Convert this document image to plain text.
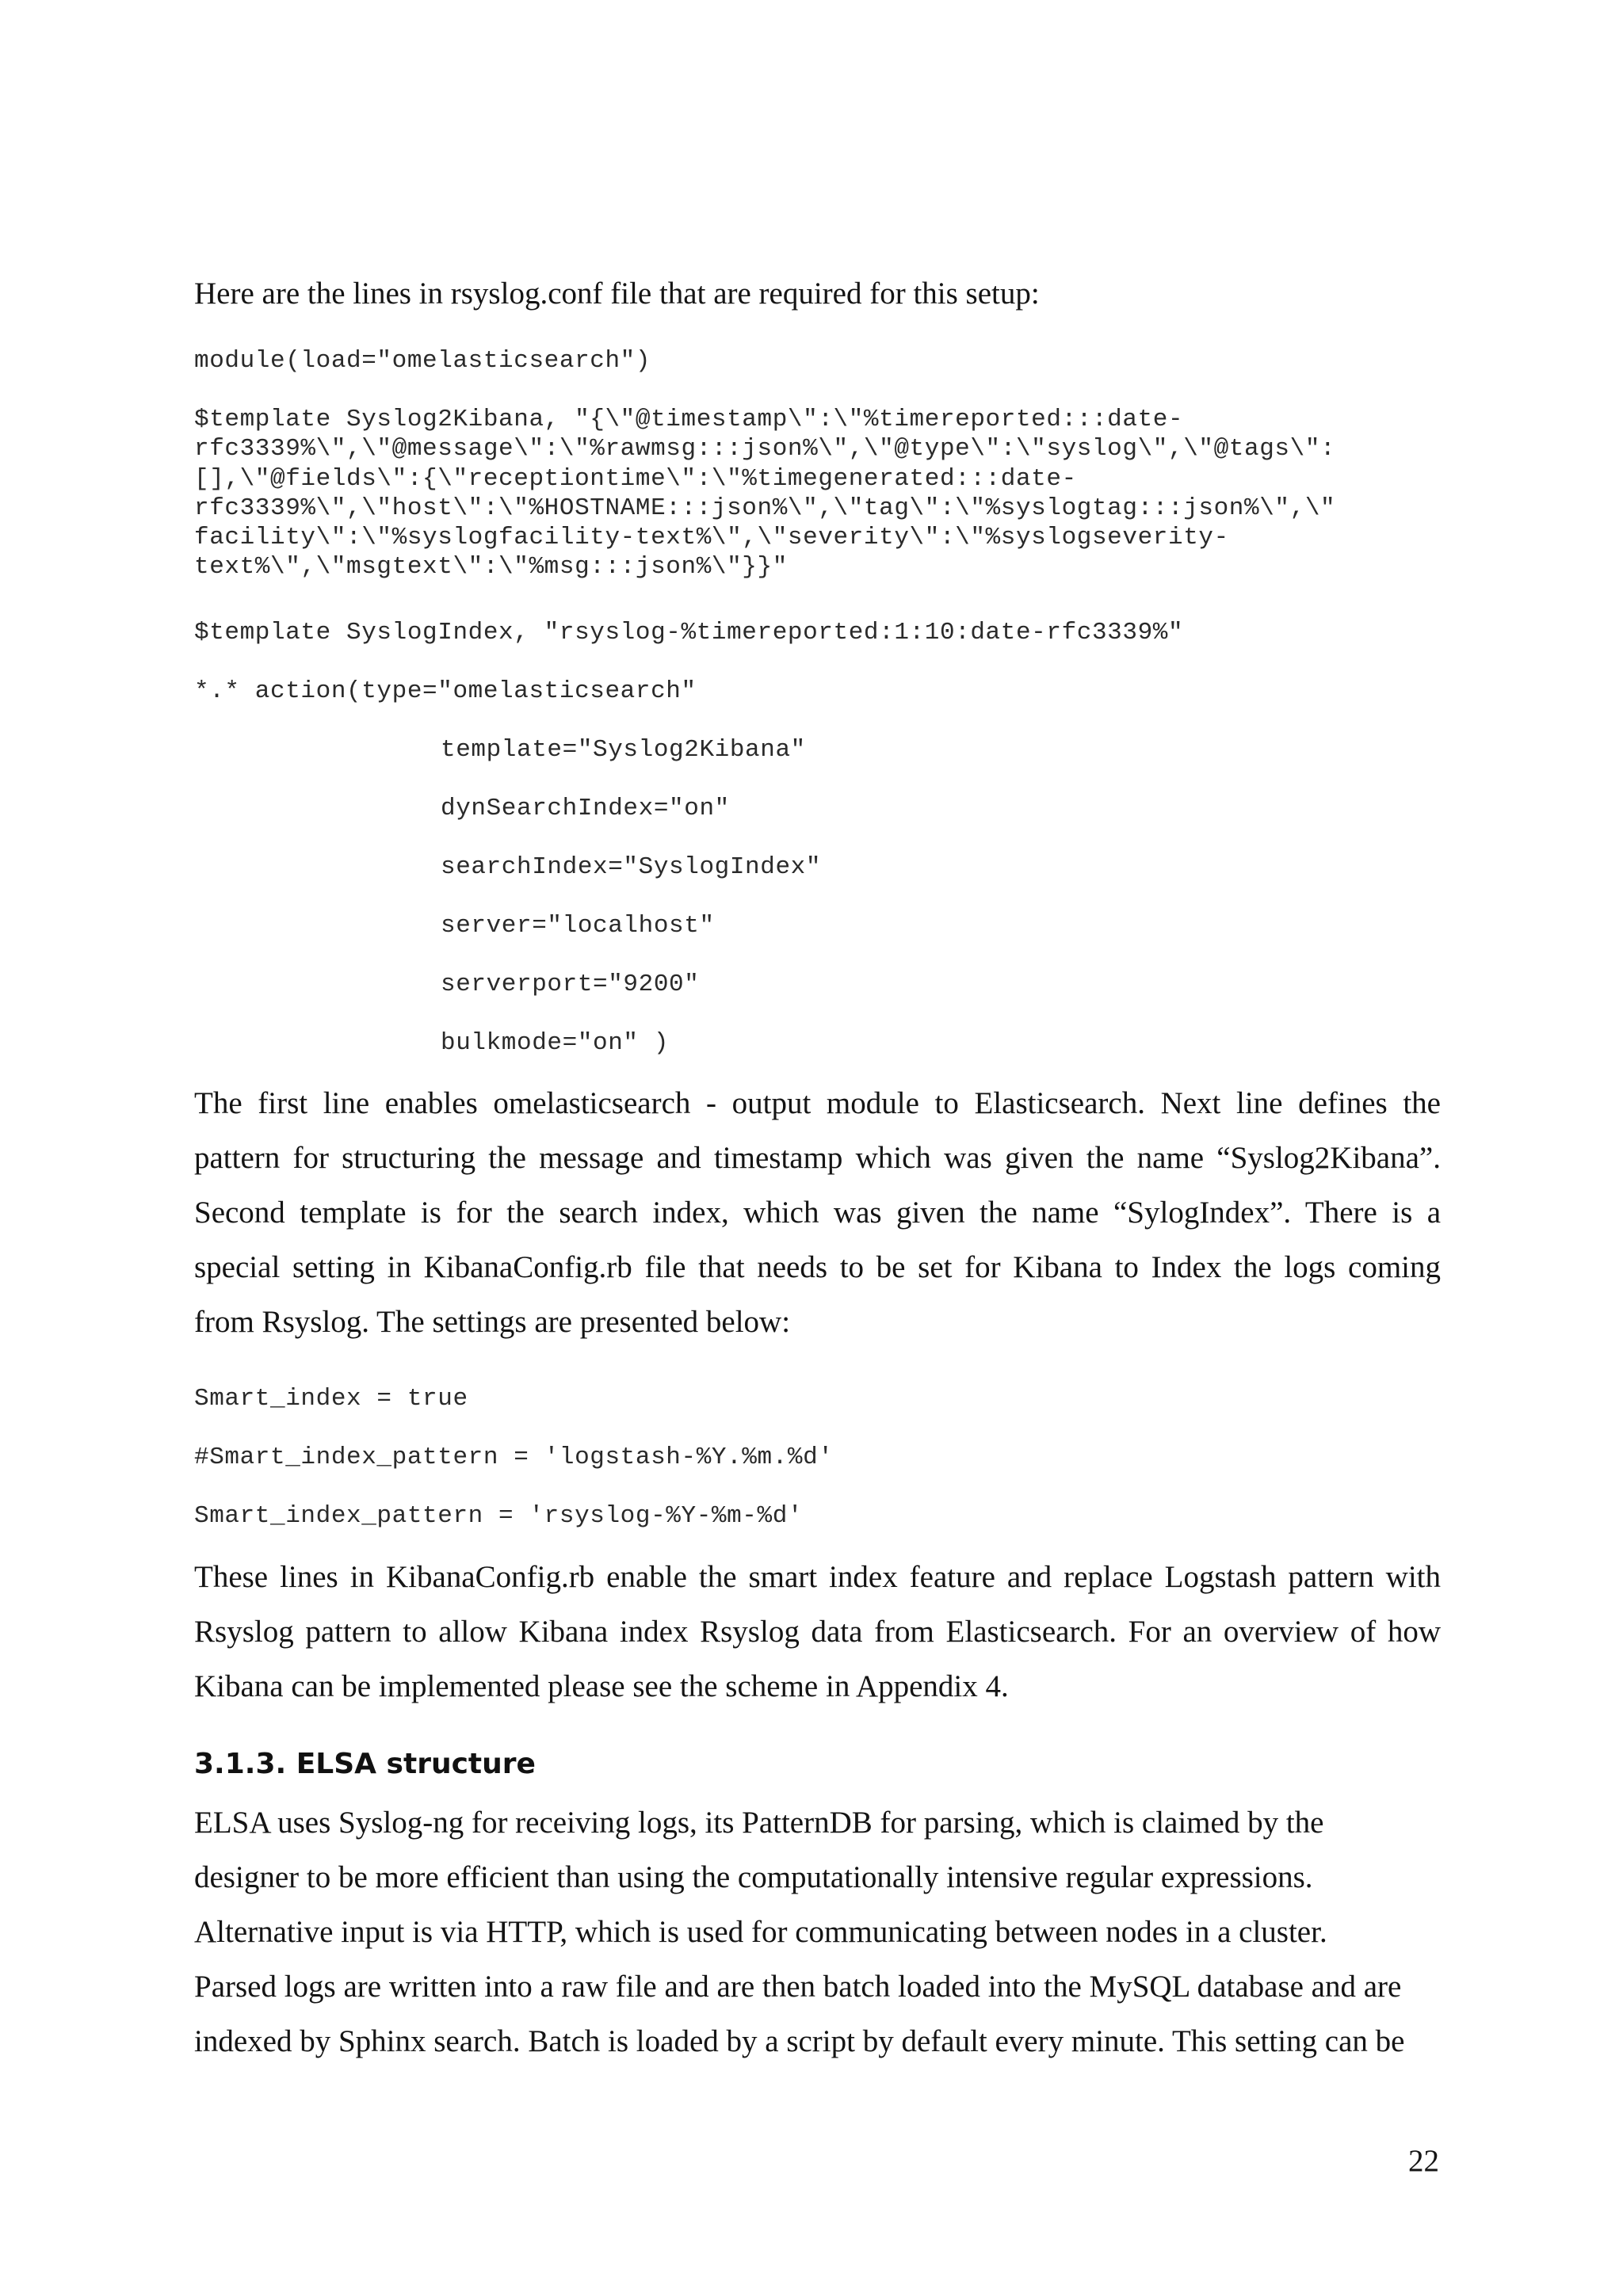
Here are the lines in rsyslog.conf file that are required for this setup:
module(load="omelasticsearch")
$template Syslog2Kibana, "{\"@timestamp\":\"%timereported:::date-
rfc3339%\",\"@message\":\"%rawmsg:::json%\",\"@type\":\"syslog\",\"@tags\":
[],\"@fields\":{\"receptiontime\":\"%timegenerated:::date-
rfc3339%\",\"host\":\"%HOSTNAME:::json%\",\"tag\":\"%syslogtag:::json%\",\"
facility\":\"%syslogfacility-text%\",\"severity\":\"%syslogseverity-
text%\",\"msgtext\":\"%msg:::json%\"}}"
$template SyslogIndex, "rsyslog-%timereported:1:10:date-rfc3339%"
*.* action(type="omelasticsearch"
template="Syslog2Kibana"
dynSearchIndex="on"
searchIndex="SyslogIndex"
server="localhost"
serverport="9200"
bulkmode="on" )
The first line enables omelasticsearch - output module to Elasticsearch. Next line defines the
pattern for structuring the message and timestamp which was given the name “Syslog2Kibana”.
Second template is for the search index, which was given the name “SylogIndex”. There is a
special setting in KibanaConfig.rb file that needs to be set for Kibana to Index the logs coming
from Rsyslog. The settings are presented below:
Smart_index = true
#Smart_index_pattern = 'logstash-%Y.%m.%d'
Smart_index_pattern = 'rsyslog-%Y-%m-%d'
These lines in KibanaConfig.rb enable the smart index feature and replace Logstash pattern with
Rsyslog pattern to allow Kibana index Rsyslog data from Elasticsearch. For an overview of how
Kibana can be implemented please see the scheme in Appendix 4.
3.1.3. ELSA structure
ELSA uses Syslog-ng for receiving logs, its PatternDB for parsing, which is claimed by the
designer to be more efficient than using the computationally intensive regular expressions.
Alternative input is via HTTP, which is used for communicating between nodes in a cluster.
Parsed logs are written into a raw file and are then batch loaded into the MySQL database and are
indexed by Sphinx search. Batch is loaded by a script by default every minute. This setting can be
22
